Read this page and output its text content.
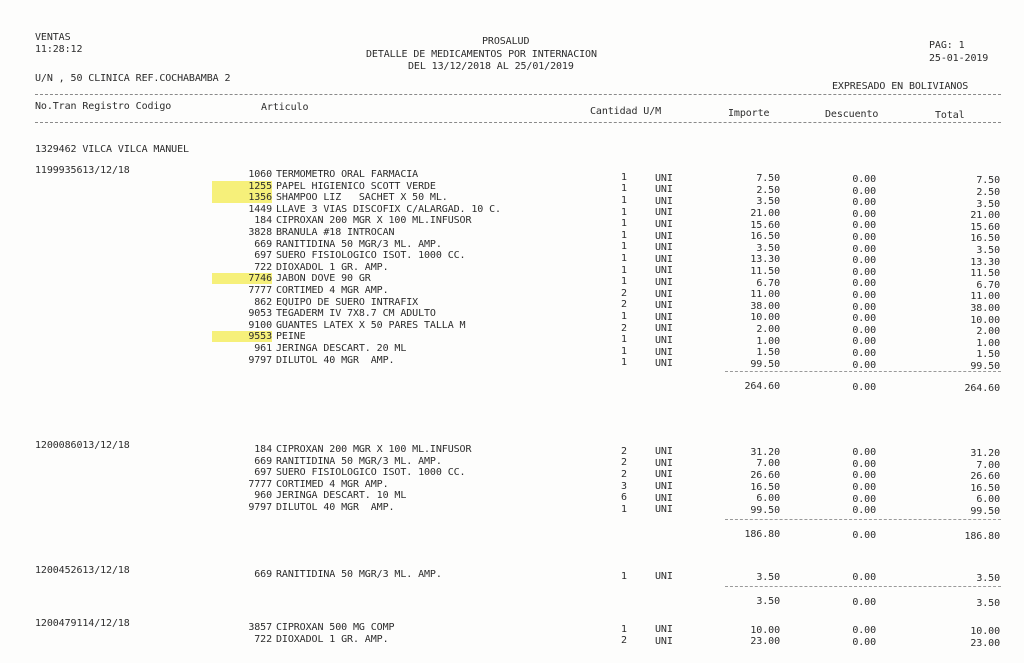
VENTAS
11:28:12
PROSALUD
DETALLE DE MEDICAMENTOS POR INTERNACION
DEL 13/12/2018 AL 25/01/2019
PAG: 1
25-01-2019
U/N , 50 CLINICA REF.COCHABAMBA 2
EXPRESADO EN BOLIVIANOS
No.Tran Registro Codigo	Articulo	Cantidad U/M	Importe	Descuento	Total
1329462 VILCA VILCA MANUEL
1199935613/12/18	1060 TERMOMETRO ORAL FARMACIA	1	UNI	7.50	0.00	7.50
1255 PAPEL HIGIENICO SCOTT VERDE	1	UNI	2.50	0.00	2.50
1356 SHAMPOO LIZ   SACHET X 50 ML.	1	UNI	3.50	0.00	3.50
1449 LLAVE 3 VIAS DISCOFIX C/ALARGAD. 10 C.	1	UNI	21.00	0.00	21.00
184 CIPROXAN 200 MGR X 100 ML.INFUSOR	1	UNI	15.60	0.00	15.60
3828 BRANULA #18 INTROCAN	1	UNI	16.50	0.00	16.50
669 RANITIDINA 50 MGR/3 ML. AMP.	1	UNI	3.50	0.00	3.50
697 SUERO FISIOLOGICO ISOT. 1000 CC.	1	UNI	13.30	0.00	13.30
722 DIOXADOL 1 GR. AMP.	1	UNI	11.50	0.00	11.50
7746 JABON DOVE 90 GR	1	UNI	6.70	0.00	6.70
7777 CORTIMED 4 MGR AMP.	2	UNI	11.00	0.00	11.00
862 EQUIPO DE SUERO INTRAFIX	2	UNI	38.00	0.00	38.00
9053 TEGADERM IV 7X8.7 CM ADULTO	1	UNI	10.00	0.00	10.00
9100 GUANTES LATEX X 50 PARES TALLA M	2	UNI	2.00	0.00	2.00
9553 PEINE	1	UNI	1.00	0.00	1.00
961 JERINGA DESCART. 20 ML	1	UNI	1.50	0.00	1.50
9797 DILUTOL 40 MGR  AMP.	1	UNI	99.50	0.00	99.50
264.60	0.00	264.60
1200086013/12/18	184 CIPROXAN 200 MGR X 100 ML.INFUSOR	2	UNI	31.20	0.00	31.20
669 RANITIDINA 50 MGR/3 ML. AMP.	2	UNI	7.00	0.00	7.00
697 SUERO FISIOLOGICO ISOT. 1000 CC.	2	UNI	26.60	0.00	26.60
7777 CORTIMED 4 MGR AMP.	3	UNI	16.50	0.00	16.50
960 JERINGA DESCART. 10 ML	6	UNI	6.00	0.00	6.00
9797 DILUTOL 40 MGR  AMP.	1	UNI	99.50	0.00	99.50
186.80	0.00	186.80
1200452613/12/18	669 RANITIDINA 50 MGR/3 ML. AMP.	1	UNI	3.50	0.00	3.50
3.50	0.00	3.50
1200479114/12/18	3857 CIPROXAN 500 MG COMP	1	UNI	10.00	0.00	10.00
722 DIOXADOL 1 GR. AMP.	2	UNI	23.00	0.00	23.00
